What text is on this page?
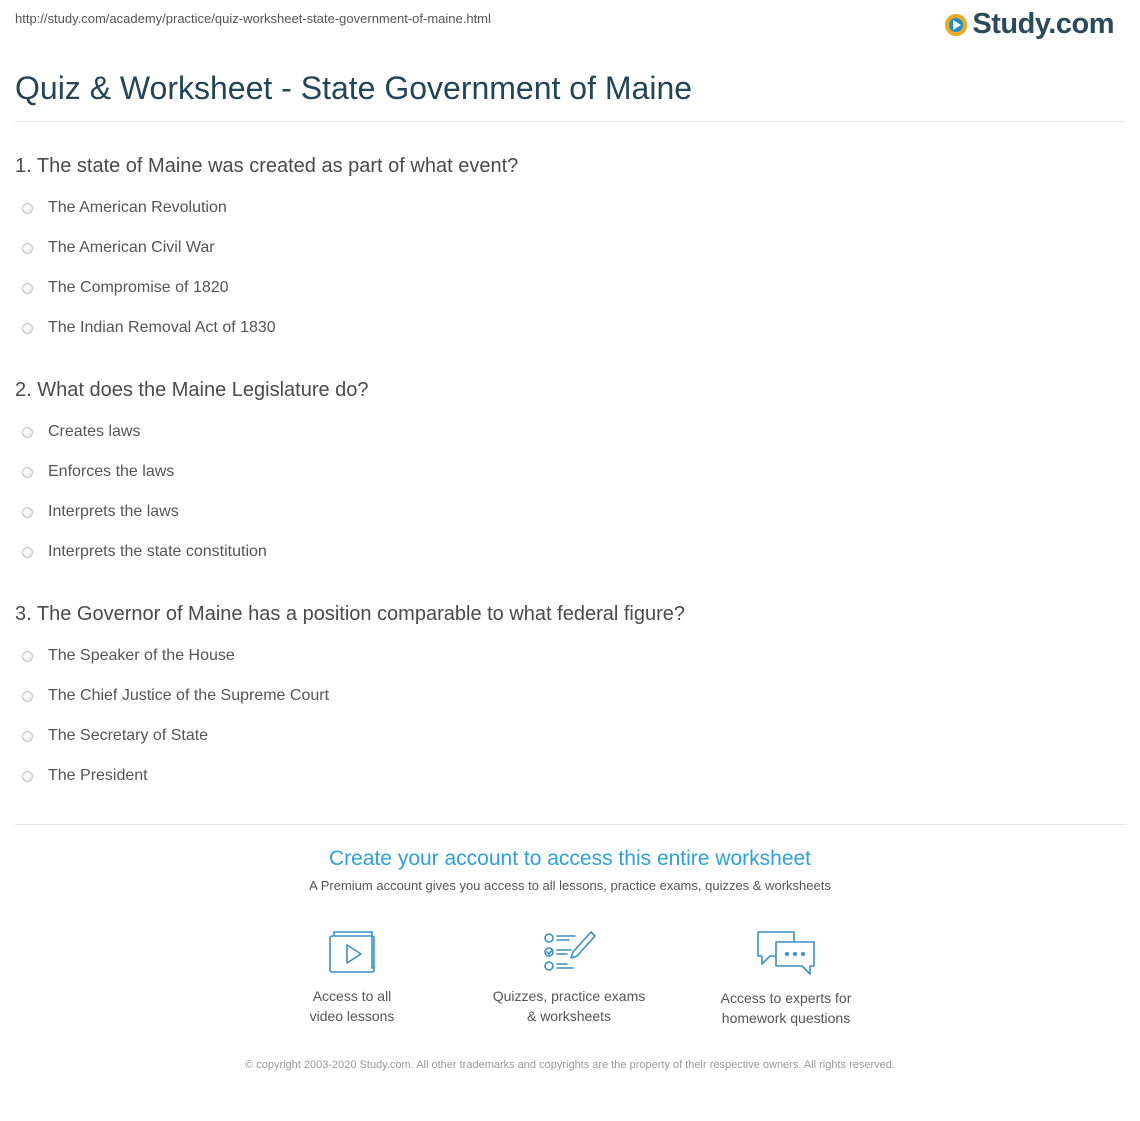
http://study.com/academy/practice/quiz-worksheet-state-government-of-maine.html	Study.com
Quiz & Worksheet - State Government of Maine
1. The state of Maine was created as part of what event?
The American Revolution
The American Civil War
The Compromise of 1820
The Indian Removal Act of 1830
2. What does the Maine Legislature do?
Creates laws
Enforces the laws
Interprets the laws
Interprets the state constitution
3. The Governor of Maine has a position comparable to what federal figure?
The Speaker of the House
The Chief Justice of the Supreme Court
The Secretary of State
The President
Create your account to access this entire worksheet
A Premium account gives you access to all lessons, practice exams, quizzes & worksheets
Access to all
video lessons
Quizzes, practice exams
& worksheets
Access to experts for
homework questions
© copyright 2003-2020 Study.com. All other trademarks and copyrights are the property of their respective owners. All rights reserved.
